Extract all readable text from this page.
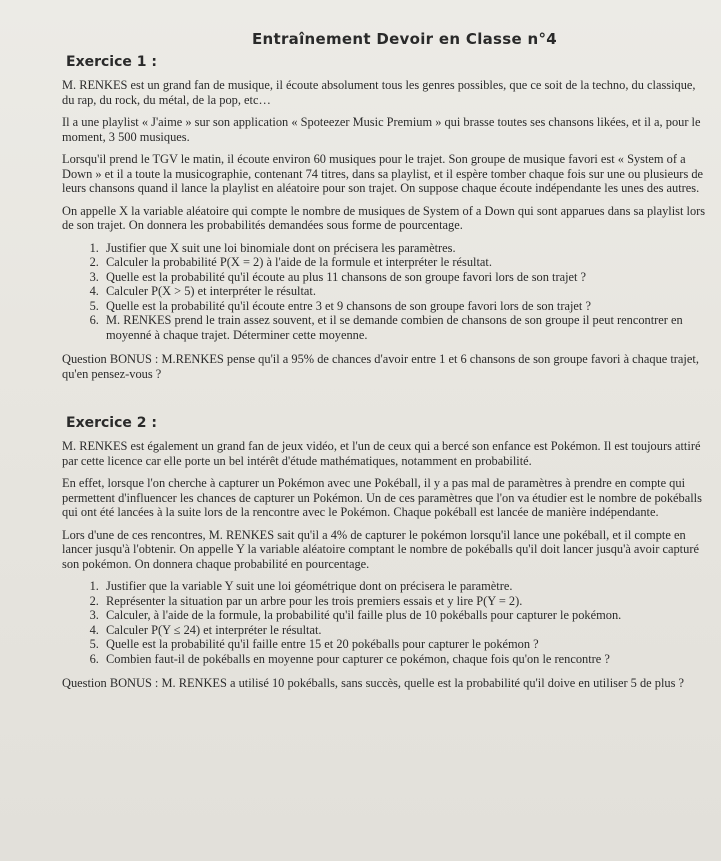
Entraînement Devoir en Classe n°4
Exercice 1 :

M. RENKES est un grand fan de musique, il écoute absolument tous les genres possibles, que ce soit de la techno, du classique, du rap, du rock, du métal, de la pop, etc…

Il a une playlist « J'aime » sur son application « Spoteezer Music Premium » qui brasse toutes ses chansons likées, et il a, pour le moment, 3 500 musiques.

Lorsqu'il prend le TGV le matin, il écoute environ 60 musiques pour le trajet. Son groupe de musique favori est « System of a Down » et il a toute la musicographie, contenant 74 titres, dans sa playlist, et il espère tomber chaque fois sur une ou plusieurs de leurs chansons quand il lance la playlist en aléatoire pour son trajet. On suppose chaque écoute indépendante les unes des autres.

On appelle X la variable aléatoire qui compte le nombre de musiques de System of a Down qui sont apparues dans sa playlist lors de son trajet. On donnera les probabilités demandées sous forme de pourcentage.

1. Justifier que X suit une loi binomiale dont on précisera les paramètres.
2. Calculer la probabilité P(X = 2) à l'aide de la formule et interpréter le résultat.
3. Quelle est la probabilité qu'il écoute au plus 11 chansons de son groupe favori lors de son trajet ?
4. Calculer P(X > 5) et interpréter le résultat.
5. Quelle est la probabilité qu'il écoute entre 3 et 9 chansons de son groupe favori lors de son trajet ?
6. M. RENKES prend le train assez souvent, et il se demande combien de chansons de son groupe il peut rencontrer en moyenné à chaque trajet. Déterminer cette moyenne.

Question BONUS : M.RENKES pense qu'il a 95% de chances d'avoir entre 1 et 6 chansons de son groupe favori à chaque trajet, qu'en pensez-vous ?

Exercice 2 :

M. RENKES est également un grand fan de jeux vidéo, et l'un de ceux qui a bercé son enfance est Pokémon. Il est toujours attiré par cette licence car elle porte un bel intérêt d'étude mathématiques, notamment en probabilité.

En effet, lorsque l'on cherche à capturer un Pokémon avec une Pokéball, il y a pas mal de paramètres à prendre en compte qui permettent d'influencer les chances de capturer un Pokémon. Un de ces paramètres que l'on va étudier est le nombre de pokéballs qui ont été lancées à la suite lors de la rencontre avec le Pokémon. Chaque pokéball est lancée de manière indépendante.

Lors d'une de ces rencontres, M. RENKES sait qu'il a 4% de capturer le pokémon lorsqu'il lance une pokéball, et il compte en lancer jusqu'à l'obtenir. On appelle Y la variable aléatoire comptant le nombre de pokéballs qu'il doit lancer jusqu'à avoir capturé son pokémon. On donnera chaque probabilité en pourcentage.

1. Justifier que la variable Y suit une loi géométrique dont on précisera le paramètre.
2. Représenter la situation par un arbre pour les trois premiers essais et y lire P(Y = 2).
3. Calculer, à l'aide de la formule, la probabilité qu'il faille plus de 10 pokéballs pour capturer le pokémon.
4. Calculer P(Y ≤ 24) et interpréter le résultat.
5. Quelle est la probabilité qu'il faille entre 15 et 20 pokéballs pour capturer le pokémon ?
6. Combien faut-il de pokéballs en moyenne pour capturer ce pokémon, chaque fois qu'on le rencontre ?

Question BONUS : M. RENKES a utilisé 10 pokéballs, sans succès, quelle est la probabilité qu'il doive en utiliser 5 de plus ?
